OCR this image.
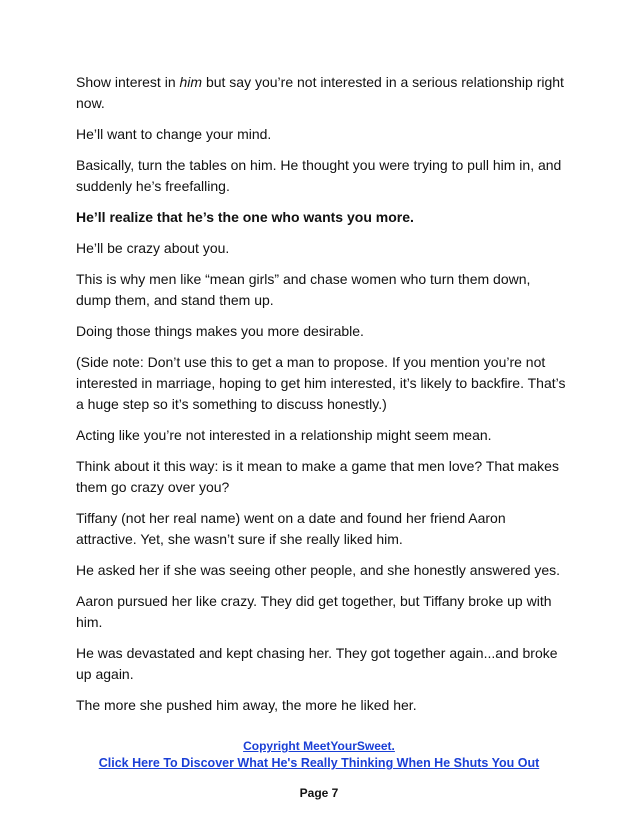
Show interest in him but say you’re not interested in a serious relationship right now.

He’ll want to change your mind.

Basically, turn the tables on him. He thought you were trying to pull him in, and suddenly he’s freefalling.

He’ll realize that he’s the one who wants you more.

He’ll be crazy about you.

This is why men like “mean girls” and chase women who turn them down, dump them, and stand them up.

Doing those things makes you more desirable.

(Side note: Don’t use this to get a man to propose. If you mention you’re not interested in marriage, hoping to get him interested, it’s likely to backfire. That’s a huge step so it’s something to discuss honestly.)

Acting like you’re not interested in a relationship might seem mean.

Think about it this way: is it mean to make a game that men love? That makes them go crazy over you?

Tiffany (not her real name) went on a date and found her friend Aaron attractive. Yet, she wasn’t sure if she really liked him.

He asked her if she was seeing other people, and she honestly answered yes.

Aaron pursued her like crazy. They did get together, but Tiffany broke up with him.

He was devastated and kept chasing her. They got together again...and broke up again.

The more she pushed him away, the more he liked her.

Copyright MeetYourSweet.
Click Here To Discover What He's Really Thinking When He Shuts You Out
Page 7
